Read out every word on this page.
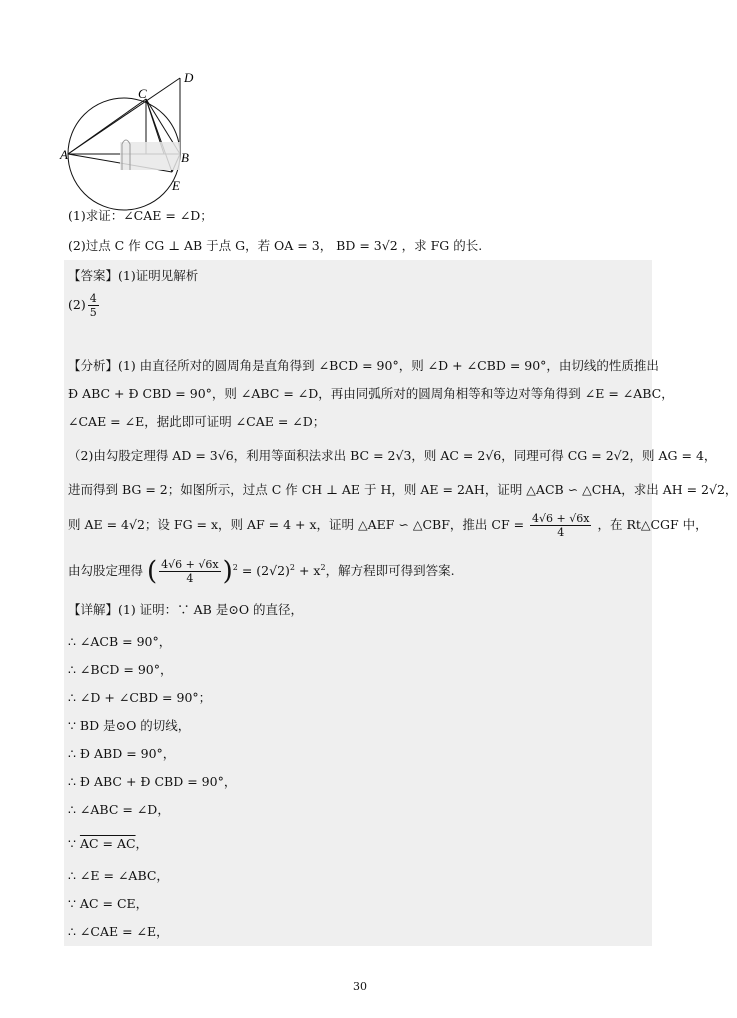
A	B
C
D
E
(1)求证：∠CAE = ∠D；
(2)过点 C 作 CG ⊥ AB 于点 G，若 OA = 3， BD = 3√2 ，求 FG 的长.
【答案】(1)证明见解析
$(2) \frac{4}{5}$
【分析】(1) 由直径所对的圆周角是直角得到 ∠BCD = 90°，则 ∠D + ∠CBD = 90°，由切线的性质推出
Ð ABC + Ð CBD = 90°，则 ∠ABC = ∠D，再由同弧所对的圆周角相等和等边对等角得到 ∠E = ∠ABC，
∠CAE = ∠E，据此即可证明 ∠CAE = ∠D；
（2)由勾股定理得 AD = 3√6，利用等面积法求出 BC = 2√3，则 AC = 2√6，同理可得 CG = 2√2，则 AG = 4，
进而得到 BG = 2；如图所示，过点 C 作 CH ⊥ AE 于 H，则 AE = 2AH，证明 △ACB ∽ △CHA，求出 AH = 2√2，
则 AE = 4√2；设 FG = x，则 AF = 4 + x，证明 △AEF ∽ △CBF，推出 CF = $\frac{4√6 + √6x}{4}$ ，在 Rt△CGF 中，
由勾股定理得 ( $\frac{4√6 + √6x}{4} )^2 = (2√2)^2 + x^2$，解方程即可得到答案.
【详解】(1) 证明：∵ AB 是⊙O 的直径，
∴ ∠ACB = 90°，
∴ ∠BCD = 90°，
∴ ∠D + ∠CBD = 90°；
∵ BD 是⊙O 的切线，
∴ Ð ABD = 90°，
∴ Ð ABC + Ð CBD = 90°，
∴ ∠ABC = ∠D，
∵ AC = AC，
∴ ∠E = ∠ABC，
∵ AC = CE，
∴ ∠CAE = ∠E，
30
